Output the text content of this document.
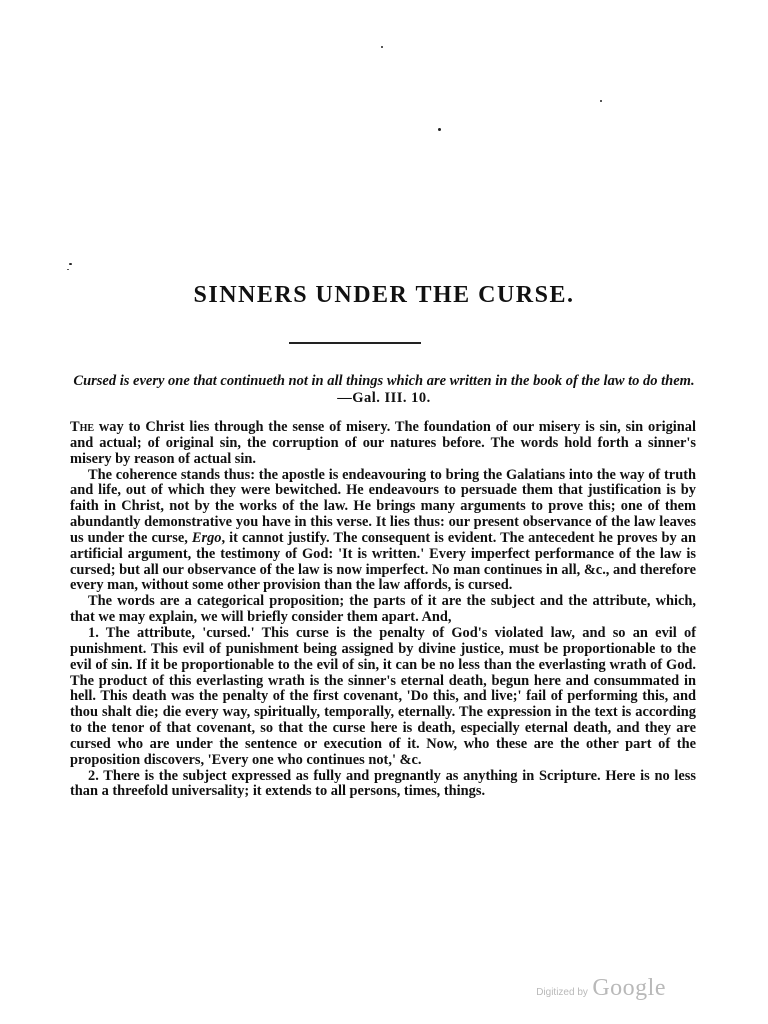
SINNERS UNDER THE CURSE.

Cursed is every one that continueth not in all things which are written in the book of the law to do them.—Gal. III. 10.

The way to Christ lies through the sense of misery. The foundation of our misery is sin, sin original and actual; of original sin, the corruption of our natures before. The words hold forth a sinner's misery by reason of actual sin.

The coherence stands thus: the apostle is endeavouring to bring the Galatians into the way of truth and life, out of which they were bewitched. He endeavours to persuade them that justification is by faith in Christ, not by the works of the law. He brings many arguments to prove this; one of them abundantly demonstrative you have in this verse. It lies thus: our present observance of the law leaves us under the curse, Ergo, it cannot justify. The consequent is evident. The antecedent he proves by an artificial argument, the testimony of God: 'It is written.' Every imperfect performance of the law is cursed; but all our observance of the law is now imperfect. No man continues in all, &c., and therefore every man, without some other provision than the law affords, is cursed.

The words are a categorical proposition; the parts of it are the subject and the attribute, which, that we may explain, we will briefly consider them apart. And,

1. The attribute, 'cursed.' This curse is the penalty of God's violated law, and so an evil of punishment. This evil of punishment being assigned by divine justice, must be proportionable to the evil of sin. If it be proportionable to the evil of sin, it can be no less than the everlasting wrath of God. The product of this everlasting wrath is the sinner's eternal death, begun here and consummated in hell. This death was the penalty of the first covenant, 'Do this, and live;' fail of performing this, and thou shalt die; die every way, spiritually, temporally, eternally. The expression in the text is according to the tenor of that covenant, so that the curse here is death, especially eternal death, and they are cursed who are under the sentence or execution of it. Now, who these are the other part of the proposition discovers, 'Every one who continues not,' &c.

2. There is the subject expressed as fully and pregnantly as anything in Scripture. Here is no less than a threefold universality; it extends to all persons, times, things.

Digitized by Google
